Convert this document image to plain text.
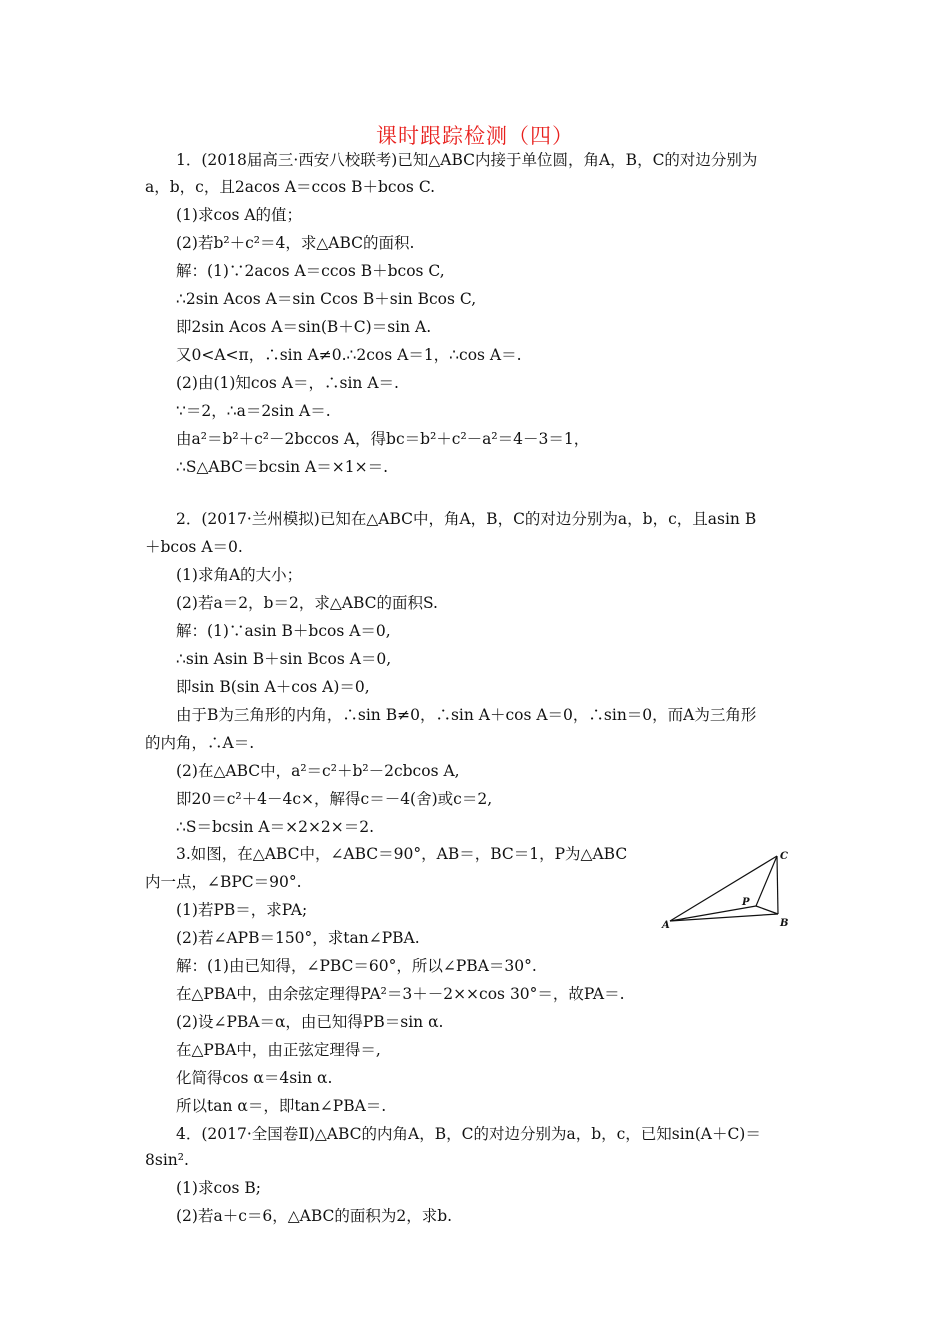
课时跟踪检测（四）
1．(2018届高三·西安八校联考)已知△ABC内接于单位圆，角A，B，C的对边分别为
a，b，c，且2acos A＝ccos B＋bcos C.
(1)求cos A的值；
(2)若b²＋c²＝4，求△ABC的面积.
解：(1)∵2acos A＝ccos B＋bcos C,
∴2sin Acos A＝sin Ccos B＋sin Bcos C,
即2sin Acos A＝sin(B＋C)＝sin A.
又0<A<π，∴sin A≠0.∴2cos A＝1，∴cos A＝.
(2)由(1)知cos A＝，∴sin A＝.
∵＝2，∴a＝2sin A＝.
由a²＝b²＋c²－2bccos A，得bc＝b²＋c²－a²＝4－3＝1，
∴S△ABC＝bcsin A＝×1×＝.
2．(2017·兰州模拟)已知在△ABC中，角A，B，C的对边分别为a，b，c，且asin B
＋bcos A＝0.
(1)求角A的大小；
(2)若a＝2，b＝2，求△ABC的面积S.
解：(1)∵asin B＋bcos A＝0,
∴sin Asin B＋sin Bcos A＝0,
即sin B(sin A＋cos A)＝0,
由于B为三角形的内角，∴sin B≠0，∴sin A＋cos A＝0，∴sin＝0，而A为三角形
的内角，∴A＝.
(2)在△ABC中，a²＝c²＋b²－2cbcos A,
即20＝c²＋4－4c×，解得c＝－4(舍)或c＝2,
∴S＝bcsin A＝×2×2×＝2.
3.如图，在△ABC中，∠ABC＝90°，AB＝，BC＝1，P为△ABC
内一点，∠BPC＝90°.
(1)若PB＝，求PA;
(2)若∠APB＝150°，求tan∠PBA.
解：(1)由已知得，∠PBC＝60°，所以∠PBA＝30°.
在△PBA中，由余弦定理得PA²＝3＋－2××cos 30°＝，故PA＝.
(2)设∠PBA＝α，由已知得PB＝sin α.
在△PBA中，由正弦定理得＝,
化简得cos α＝4sin α.
所以tan α＝，即tan∠PBA＝.
4．(2017·全国卷Ⅱ)△ABC的内角A，B，C的对边分别为a，b，c，已知sin(A＋C)＝
8sin².
(1)求cos B;
(2)若a＋c＝6，△ABC的面积为2，求b.
A	B
C
P
